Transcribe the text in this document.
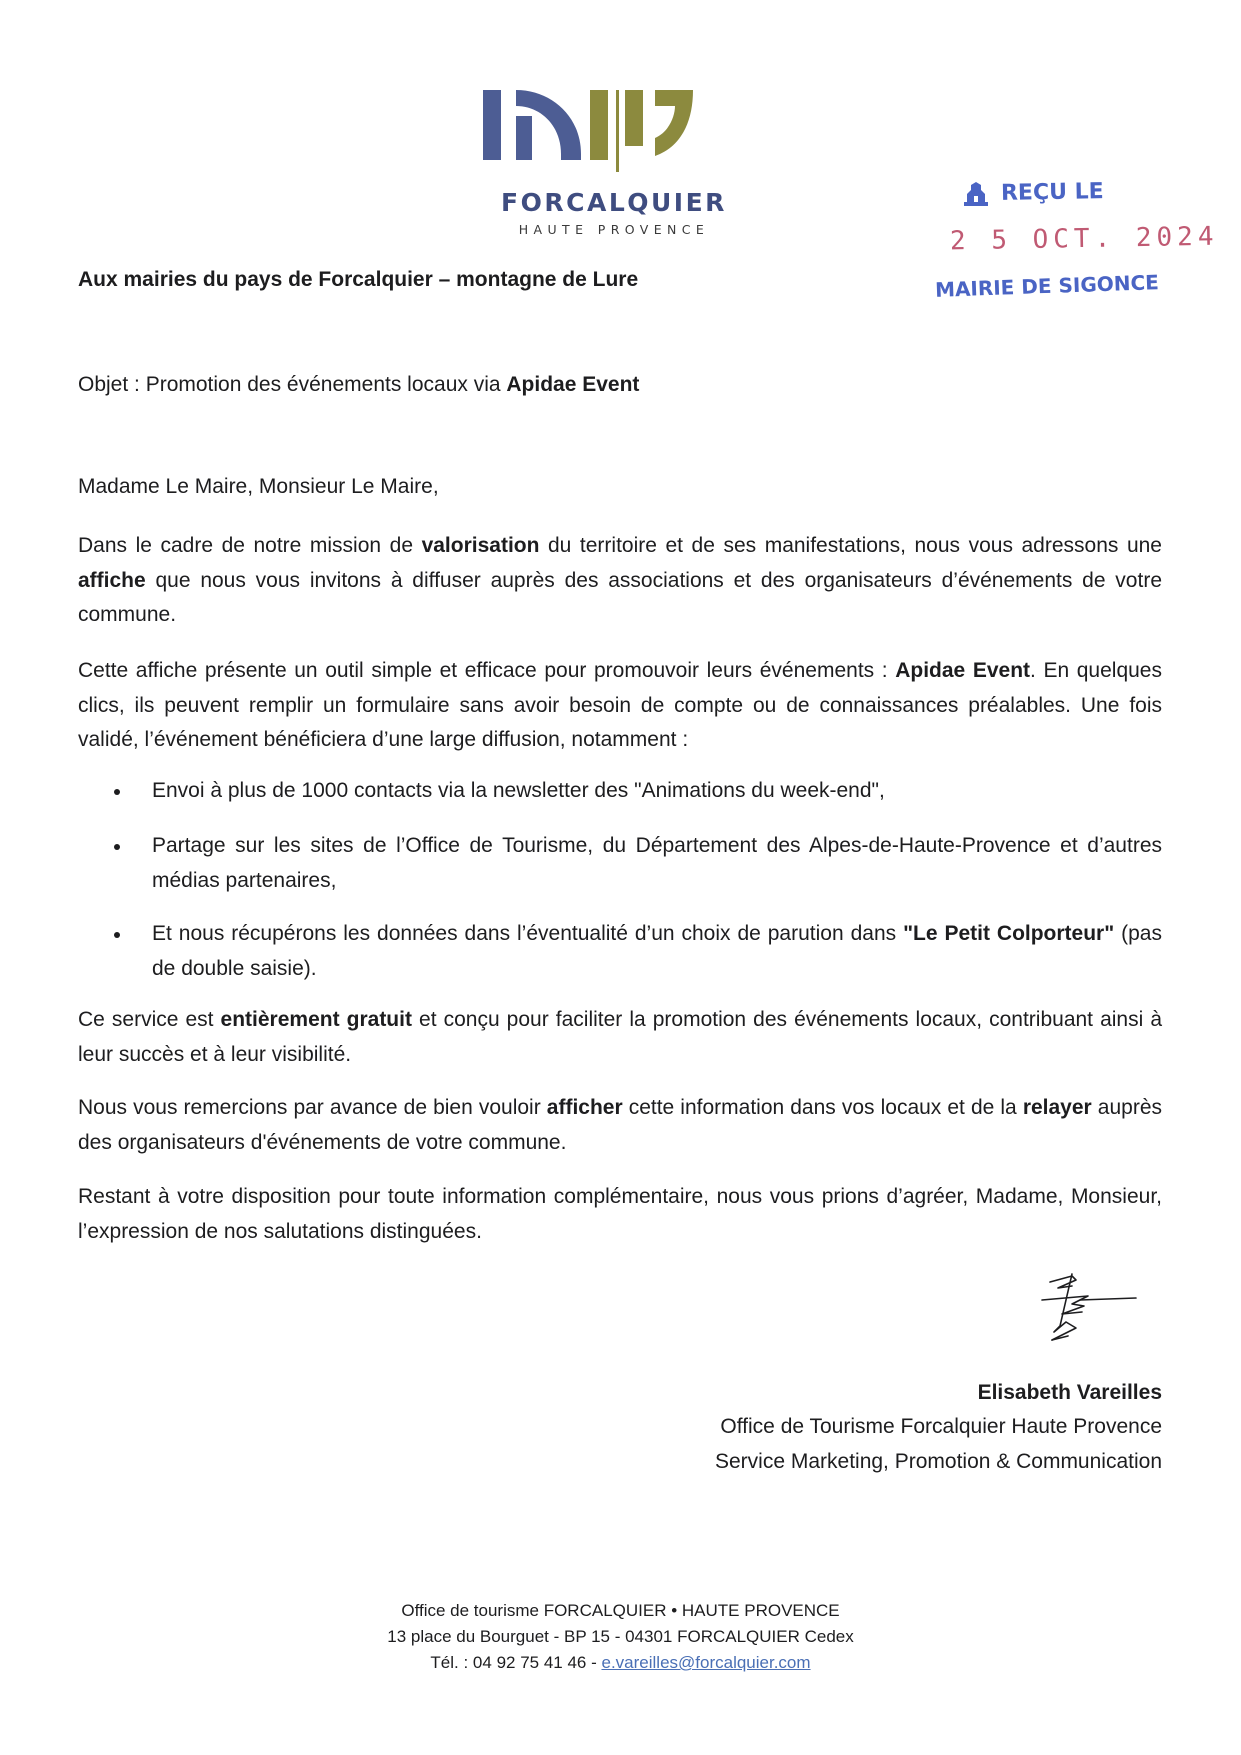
FORCALQUIER
HAUTE PROVENCE
REÇU LE
2 5 OCT. 2024
MAIRIE DE SIGONCE
Aux mairies du pays de Forcalquier – montagne de Lure
Objet : Promotion des événements locaux via Apidae Event
Madame Le Maire, Monsieur Le Maire,
Dans le cadre de notre mission de valorisation du territoire et de ses manifestations, nous vous adressons une affiche que nous vous invitons à diffuser auprès des associations et des organisateurs d’événements de votre commune.
Cette affiche présente un outil simple et efficace pour promouvoir leurs événements : Apidae Event. En quelques clics, ils peuvent remplir un formulaire sans avoir besoin de compte ou de connaissances préalables. Une fois validé, l’événement bénéficiera d’une large diffusion, notamment :
Envoi à plus de 1000 contacts via la newsletter des "Animations du week-end",
Partage sur les sites de l’Office de Tourisme, du Département des Alpes-de-Haute-Provence et d’autres médias partenaires,
Et nous récupérons les données dans l’éventualité d’un choix de parution dans "Le Petit Colporteur" (pas de double saisie).
Ce service est entièrement gratuit et conçu pour faciliter la promotion des événements locaux, contribuant ainsi à leur succès et à leur visibilité.
Nous vous remercions par avance de bien vouloir afficher cette information dans vos locaux et de la relayer auprès des organisateurs d'événements de votre commune.
Restant à votre disposition pour toute information complémentaire, nous vous prions d’agréer, Madame, Monsieur, l’expression de nos salutations distinguées.
Elisabeth Vareilles
Office de Tourisme Forcalquier Haute Provence
Service Marketing, Promotion & Communication
Office de tourisme FORCALQUIER • HAUTE PROVENCE
13 place du Bourguet - BP 15 - 04301 FORCALQUIER Cedex
Tél. : 04 92 75 41 46 - e.vareilles@forcalquier.com
